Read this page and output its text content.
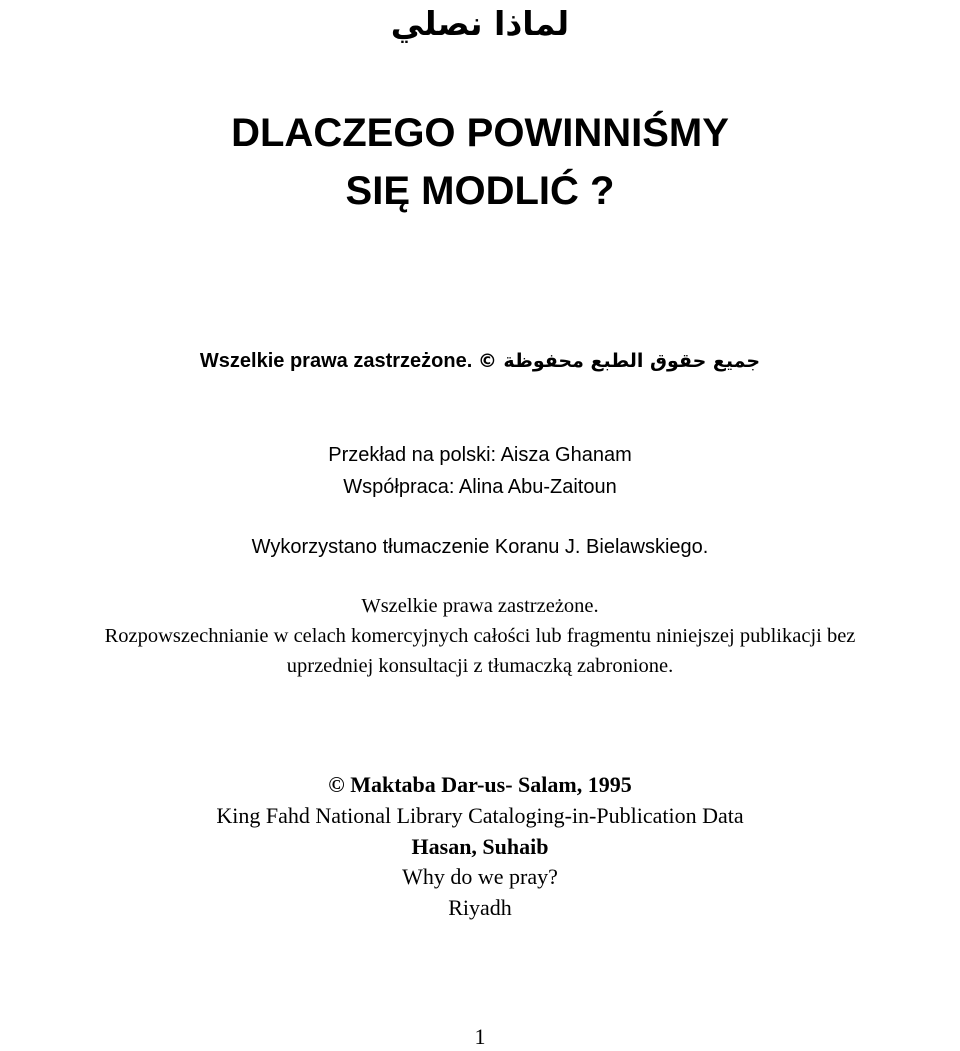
لماذا نصلي
DLACZEGO POWINNIŚMY
SIĘ MODLIĆ ?
Wszelkie prawa zastrzeżone. جميع حقوق الطبع محفوظة ©
Przekład na polski: Aisza Ghanam
Współpraca: Alina Abu-Zaitoun
Wykorzystano tłumaczenie Koranu J. Bielawskiego.
Wszelkie prawa zastrzeżone.
Rozpowszechnianie w celach komercyjnych całości lub fragmentu niniejszej publikacji bez
uprzedniej konsultacji z tłumaczką zabronione.
© Maktaba Dar-us- Salam, 1995
King Fahd National Library Cataloging-in-Publication Data
Hasan, Suhaib
Why do we pray?
Riyadh
1
